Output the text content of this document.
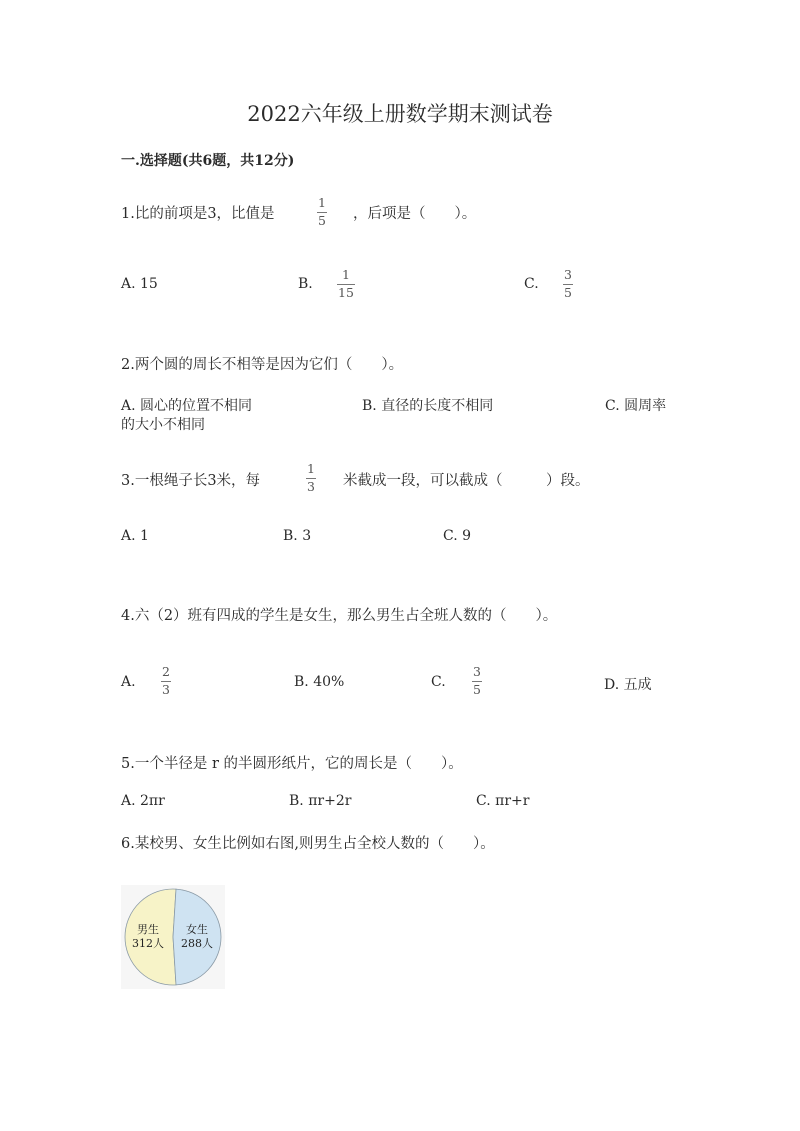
2022六年级上册数学期末测试卷
一.选择题(共6题，共12分)
1.比的前项是3，比值是
1
5 ，后项是（　　）。
A. 15	B.
1
15	C.
3
5
2.两个圆的周长不相等是因为它们（　　）。
A. 圆心的位置不相同	B. 直径的长度不相同	C. 圆周率
的大小不相同
3.一根绳子长3米，每
1
3 米截成一段，可以截成（　　　）段。
A. 1	B. 3	C. 9
4.六（2）班有四成的学生是女生，那么男生占全班人数的（　　）。
A.
2
3	B. 40%	C.
3
5	D. 五成
5.一个半径是 r 的半圆形纸片，它的周长是（　　）。
A. 2πr	B. πr+2r	C. πr+r
6.某校男、女生比例如右图,则男生占全校人数的（　　）。
男生
312人
女生
288人
